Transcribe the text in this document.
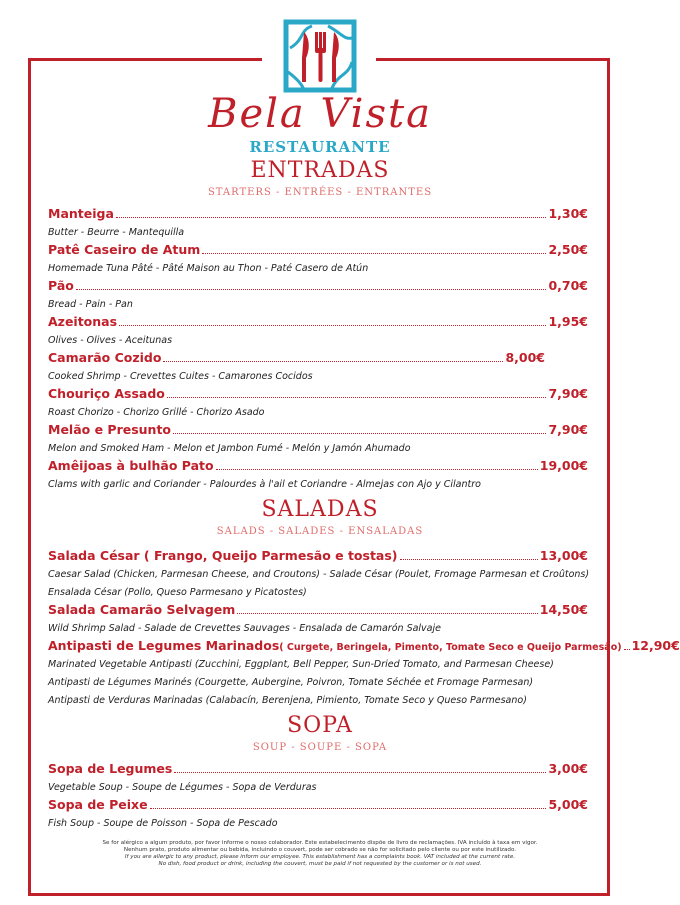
Bela Vista
RESTAURANTE
ENTRADAS
STARTERS - ENTRÉES - ENTRANTES
Manteiga	1,30€
Butter - Beurre - Mantequilla
Patê Caseiro de Atum	2,50€
Homemade Tuna Pâté - Pâté Maison au Thon - Paté Casero de Atún
Pão	0,70€
Bread - Pain - Pan
Azeitonas	1,95€
Olives - Olives - Aceitunas
Camarão Cozido	8,00€
Cooked Shrimp - Crevettes Cuites - Camarones Cocidos
Chouriço Assado	7,90€
Roast Chorizo - Chorizo Grillé - Chorizo Asado
Melão e Presunto	7,90€
Melon and Smoked Ham - Melon et Jambon Fumé - Melón y Jamón Ahumado
Amêijoas à bulhão Pato	19,00€
Clams with garlic and Coriander - Palourdes à l'ail et Coriandre - Almejas con Ajo y Cilantro
SALADAS
SALADS - SALADES - ENSALADAS
Salada César ( Frango, Queijo Parmesão e tostas)	13,00€
Caesar Salad (Chicken, Parmesan Cheese, and Croutons) - Salade César (Poulet, Fromage Parmesan et Croûtons)
Ensalada César (Pollo, Queso Parmesano y Picatostes)
Salada Camarão Selvagem	14,50€
Wild Shrimp Salad - Salade de Crevettes Sauvages - Ensalada de Camarón Salvaje
Antipasti de Legumes Marinados ( Curgete, Beringela, Pimento, Tomate Seco e Queijo Parmesão) 12,90€
Marinated Vegetable Antipasti (Zucchini, Eggplant, Bell Pepper, Sun-Dried Tomato, and Parmesan Cheese)
Antipasti de Légumes Marinés (Courgette, Aubergine, Poivron, Tomate Séchée et Fromage Parmesan)
Antipasti de Verduras Marinadas (Calabacín, Berenjena, Pimiento, Tomate Seco y Queso Parmesano)
SOPA
SOUP - SOUPE - SOPA
Sopa de Legumes	3,00€
Vegetable Soup - Soupe de Légumes - Sopa de Verduras
Sopa de Peixe	5,00€
Fish Soup - Soupe de Poisson - Sopa de Pescado
Se for alérgico a algum produto, por favor informe o nosso colaborador. Este estabelecimento dispõe de livro de reclamações. IVA incluído à taxa em vigor.
Nenhum prato, produto alimentar ou bebida, incluindo o couvert, pode ser cobrado se não for solicitado pelo cliente ou por este inutilizado.
If you are allergic to any product, please inform our employee. This establishment has a complaints book. VAT included at the current rate.
No dish, food product or drink, including the couvert, must be paid if not requested by the customer or is not used.
